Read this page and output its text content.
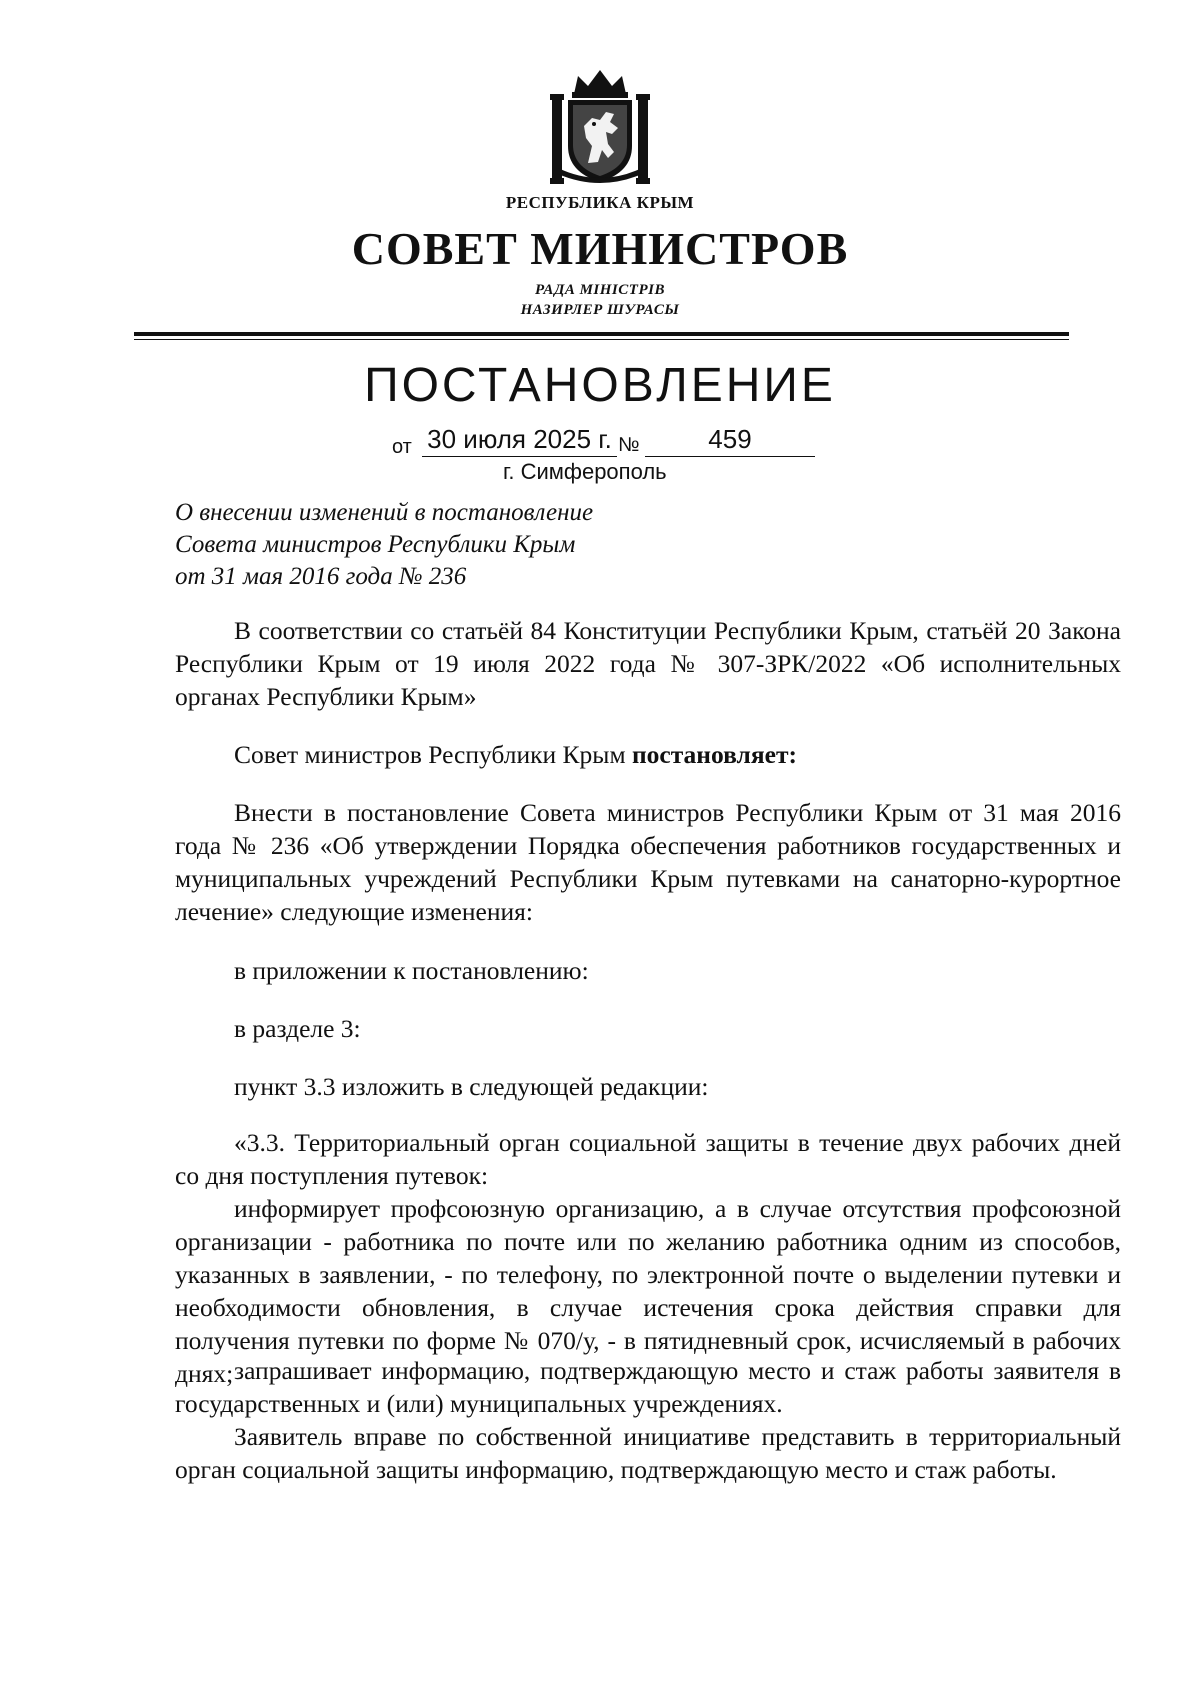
РЕСПУБЛИКА КРЫМ
СОВЕТ МИНИСТРОВ
РАДА МІНІСТРІВ
НАЗИРЛЕР ШУРАСЫ
ПОСТАНОВЛЕНИЕ
от 30 июля 2025 г. №	459
г. Симферополь
О внесении изменений в постановление
Совета министров Республики Крым
от 31 мая 2016 года № 236
В соответствии со статьёй 84 Конституции Республики Крым, статьёй 20 Закона Республики Крым от 19 июля 2022 года № 307-ЗРК/2022 «Об исполнительных органах Республики Крым»
Совет министров Республики Крым постановляет:
Внести в постановление Совета министров Республики Крым от 31 мая 2016 года № 236 «Об утверждении Порядка обеспечения работников государственных и муниципальных учреждений Республики Крым путевками на санаторно-курортное лечение» следующие изменения:
в приложении к постановлению:
в разделе 3:
пункт 3.3 изложить в следующей редакции:
«3.3. Территориальный орган социальной защиты в течение двух рабочих дней со дня поступления путевок:
информирует профсоюзную организацию, а в случае отсутствия профсоюзной организации - работника по почте или по желанию работника одним из способов, указанных в заявлении, - по телефону, по электронной почте о выделении путевки и необходимости обновления, в случае истечения срока действия справки для получения путевки по форме № 070/у, - в пятидневный срок, исчисляемый в рабочих днях; запрашивает информацию, подтверждающую место и стаж работы заявителя в государственных и (или) муниципальных учреждениях.
Заявитель вправе по собственной инициативе представить в территориальный орган социальной защиты информацию, подтверждающую место и стаж работы.
